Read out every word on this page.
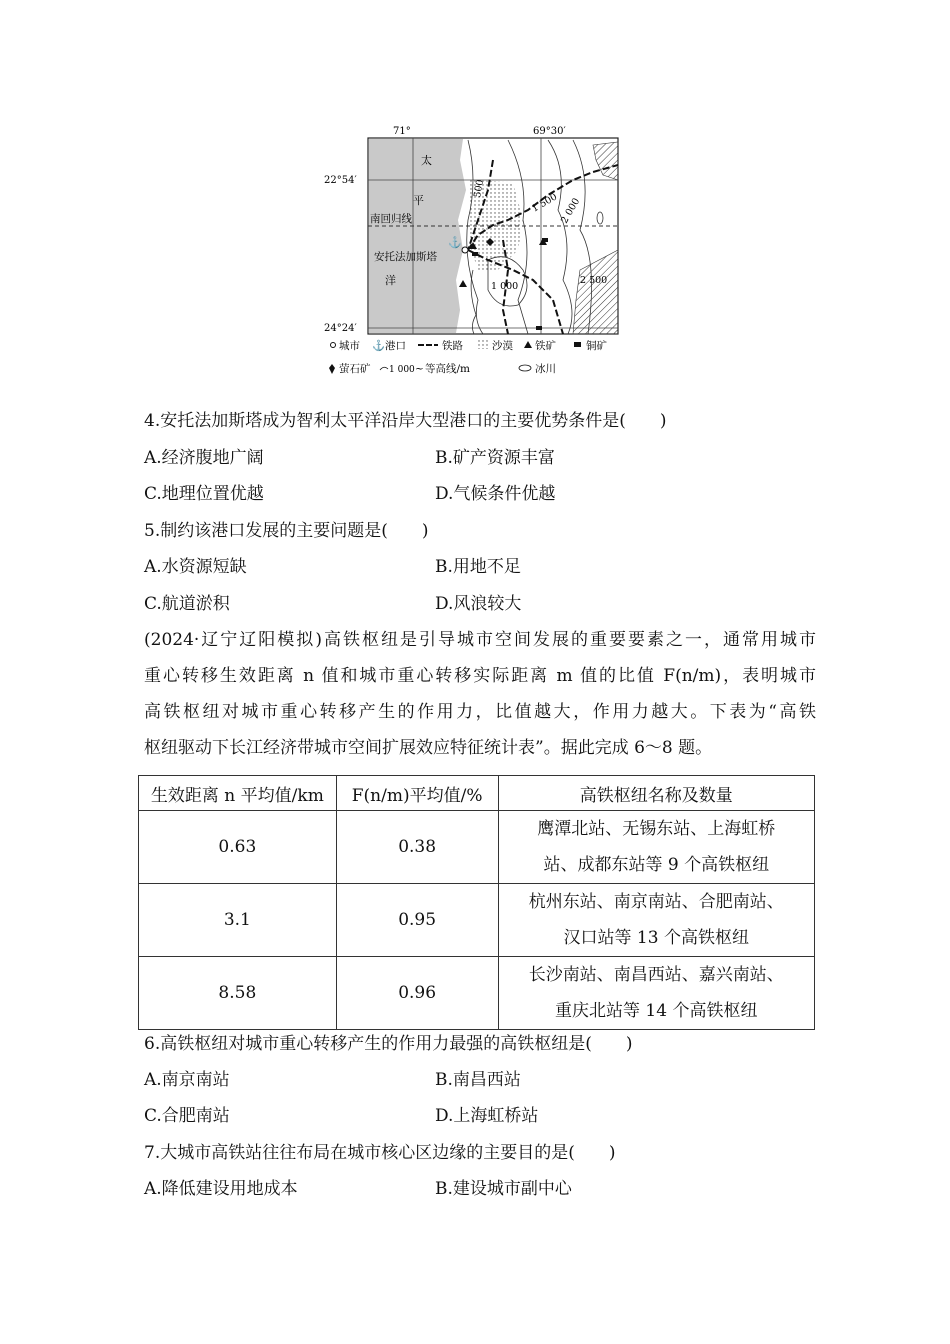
⚓
71°	69°30′
22°54′
24°24′
太
平
南回归线
安托法加斯塔
洋
500
1 000
1 500 2 000
2 500
城市 ⚓ 港口	铁路	沙漠 铁矿	铜矿
萤石矿 1 000 ~ 等高线/m	冰川
4.安托法加斯塔成为智利太平洋沿岸大型港口的主要优势条件是(　　)
A.经济腹地广阔	B.矿产资源丰富
C.地理位置优越	D.气候条件优越
5.制约该港口发展的主要问题是(　　)
A.水资源短缺	B.用地不足
C.航道淤积	D.风浪较大
(2024·辽宁辽阳模拟)高铁枢纽是引导城市空间发展的重要要素之一，通常用城市
重心转移生效距离 n 值和城市重心转移实际距离 m 值的比值 F(n/m)，表明城市
高铁枢纽对城市重心转移产生的作用力，比值越大，作用力越大。下表为“高铁
枢纽驱动下长江经济带城市空间扩展效应特征统计表”。据此完成 6～8 题。
生效距离 n 平均值/km	F(n/m)平均值/%	高铁枢纽名称及数量
0.63	0.38	鹰潭北站、无锡东站、上海虹桥
站、成都东站等 9 个高铁枢纽

3.1	0.95	杭州东站、南京南站、合肥南站、
汉口站等 13 个高铁枢纽

8.58	0.96	长沙南站、南昌西站、嘉兴南站、
重庆北站等 14 个高铁枢纽
6.高铁枢纽对城市重心转移产生的作用力最强的高铁枢纽是(　　)
A.南京南站	B.南昌西站
C.合肥南站	D.上海虹桥站
7.大城市高铁站往往布局在城市核心区边缘的主要目的是(　　)
A.降低建设用地成本	B.建设城市副中心
